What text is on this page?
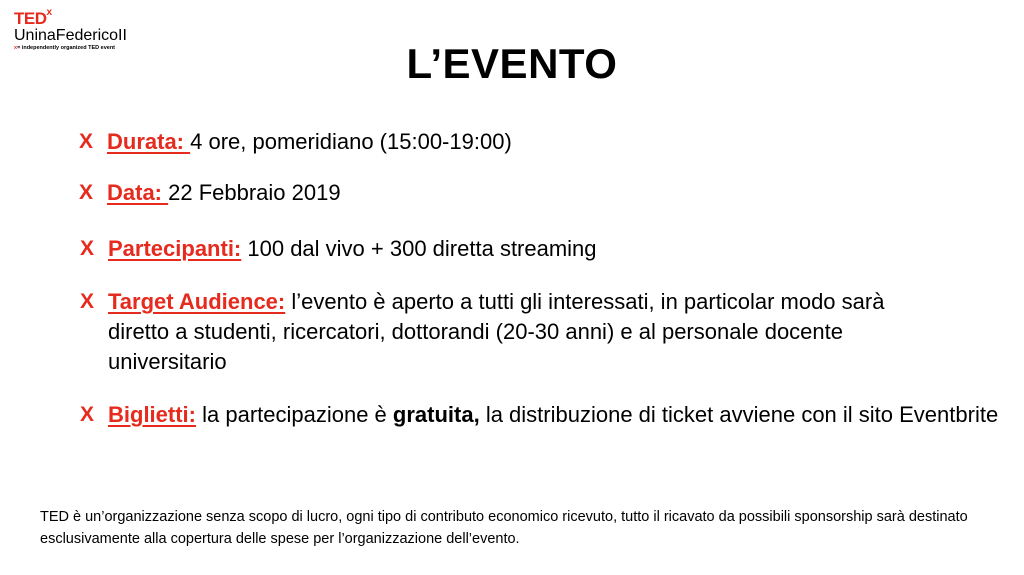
TED$^x$
UninaFedericoII
x= independently organized TED event	L’EVENTO
X Durata: 4 ore, pomeridiano (15:00-19:00)
X Data: 22 Febbraio 2019
X Partecipanti: 100 dal vivo + 300 diretta streaming
X Target Audience: l’evento è aperto a tutti gli interessati, in particolar modo sarà diretto a studenti, ricercatori, dottorandi (20-30 anni) e al personale docente universitario
X Biglietti: la partecipazione è gratuita, la distribuzione di ticket avviene con il sito Eventbrite
TED è un’organizzazione senza scopo di lucro, ogni tipo di contributo economico ricevuto, tutto il ricavato da possibili sponsorship sarà destinato esclusivamente alla copertura delle spese per l’organizzazione dell’evento.
